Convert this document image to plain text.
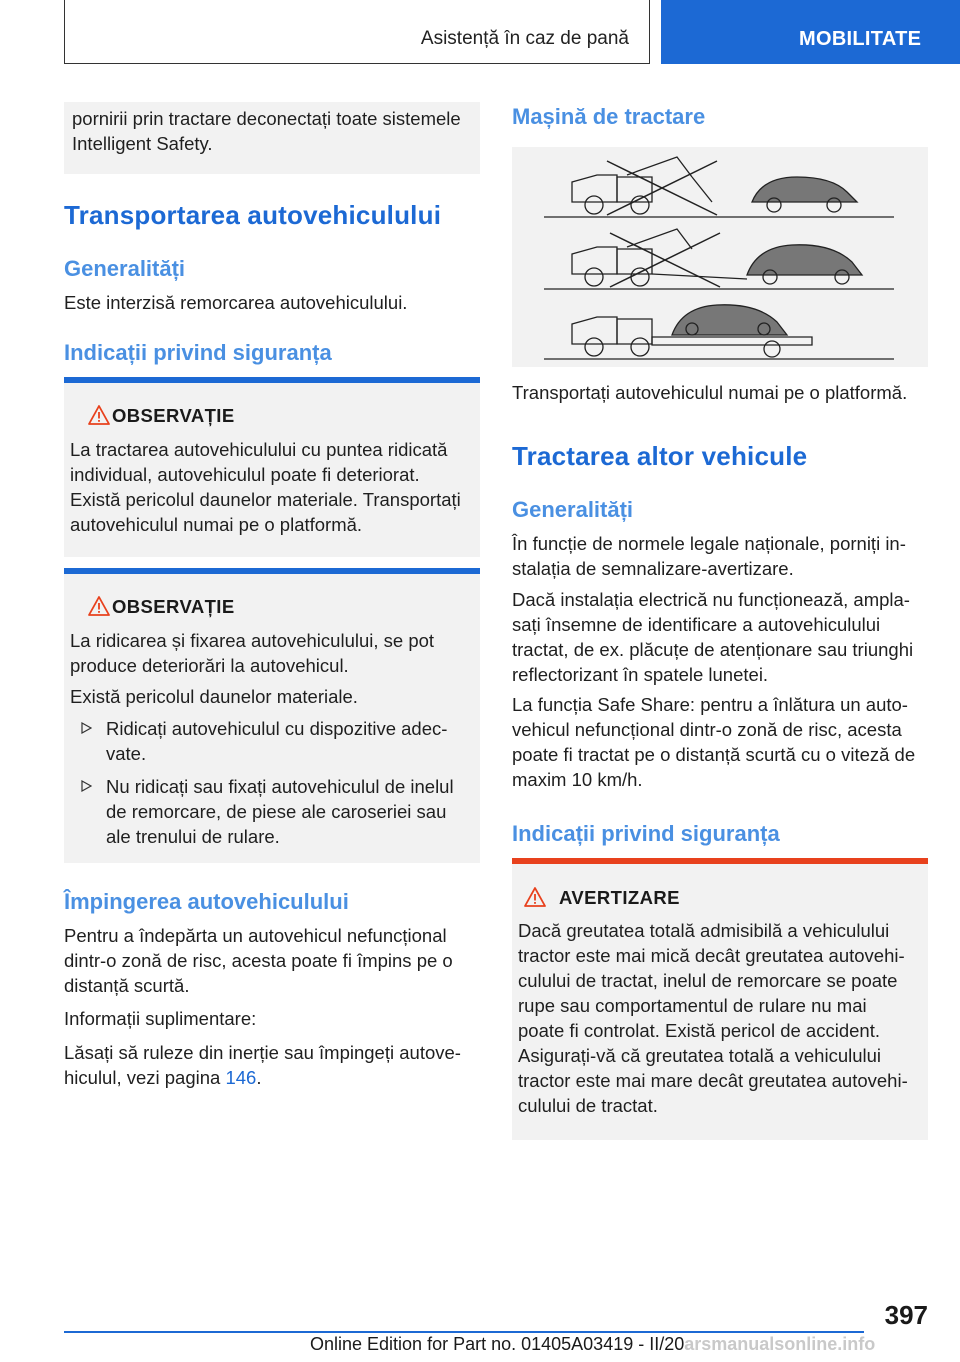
Asistență în caz de pană	MOBILITATE
pornirii prin tractare deconectați toate sistemele
Intelligent Safety.
Transportarea autovehiculului
Generalități
Este interzisă remorcarea autovehiculului.
Indicații privind siguranța
OBSERVAȚIE
La tractarea autovehiculului cu puntea ridicată
individual, autovehiculul poate fi deteriorat.
Există pericolul daunelor materiale. Transportați
autovehiculul numai pe o platformă.
OBSERVAȚIE
La ridicarea și fixarea autovehiculului, se pot
produce deteriorări la autovehicul.
Există pericolul daunelor materiale.
Ridicați autovehiculul cu dispozitive adec-
vate.
Nu ridicați sau fixați autovehiculul de inelul
de remorcare, de piese ale caroseriei sau
ale trenului de rulare.
Împingerea autovehiculului
Pentru a îndepărta un autovehicul nefuncțional
dintr-o zonă de risc, acesta poate fi împins pe o
distanță scurtă.
Informații suplimentare:
Lăsați să ruleze din inerție sau împingeți autove-
hiculul, vezi pagina 146.
Mașină de tractare
Transportați autovehiculul numai pe o platformă.
Tractarea altor vehicule
Generalități
În funcție de normele legale naționale, porniți in-
stalația de semnalizare-avertizare.
Dacă instalația electrică nu funcționează, ampla-
sați însemne de identificare a autovehiculului
tractat, de ex. plăcuțe de atenționare sau triunghi
reflectorizant în spatele lunetei.
La funcția Safe Share: pentru a înlătura un auto-
vehicul nefuncțional dintr-o zonă de risc, acesta
poate fi tractat pe o distanță scurtă cu o viteză de
maxim 10 km/h.
Indicații privind siguranța
AVERTIZARE
Dacă greutatea totală admisibilă a vehiculului
tractor este mai mică decât greutatea autovehi-
culului de tractat, inelul de remorcare se poate
rupe sau comportamentul de rulare nu mai
poate fi controlat. Există pericol de accident.
Asigurați-vă că greutatea totală a vehiculului
tractor este mai mare decât greutatea autovehi-
culului de tractat.
397
Online Edition for Part no. 01405A03419 - II/20arsmanualsonline.info
